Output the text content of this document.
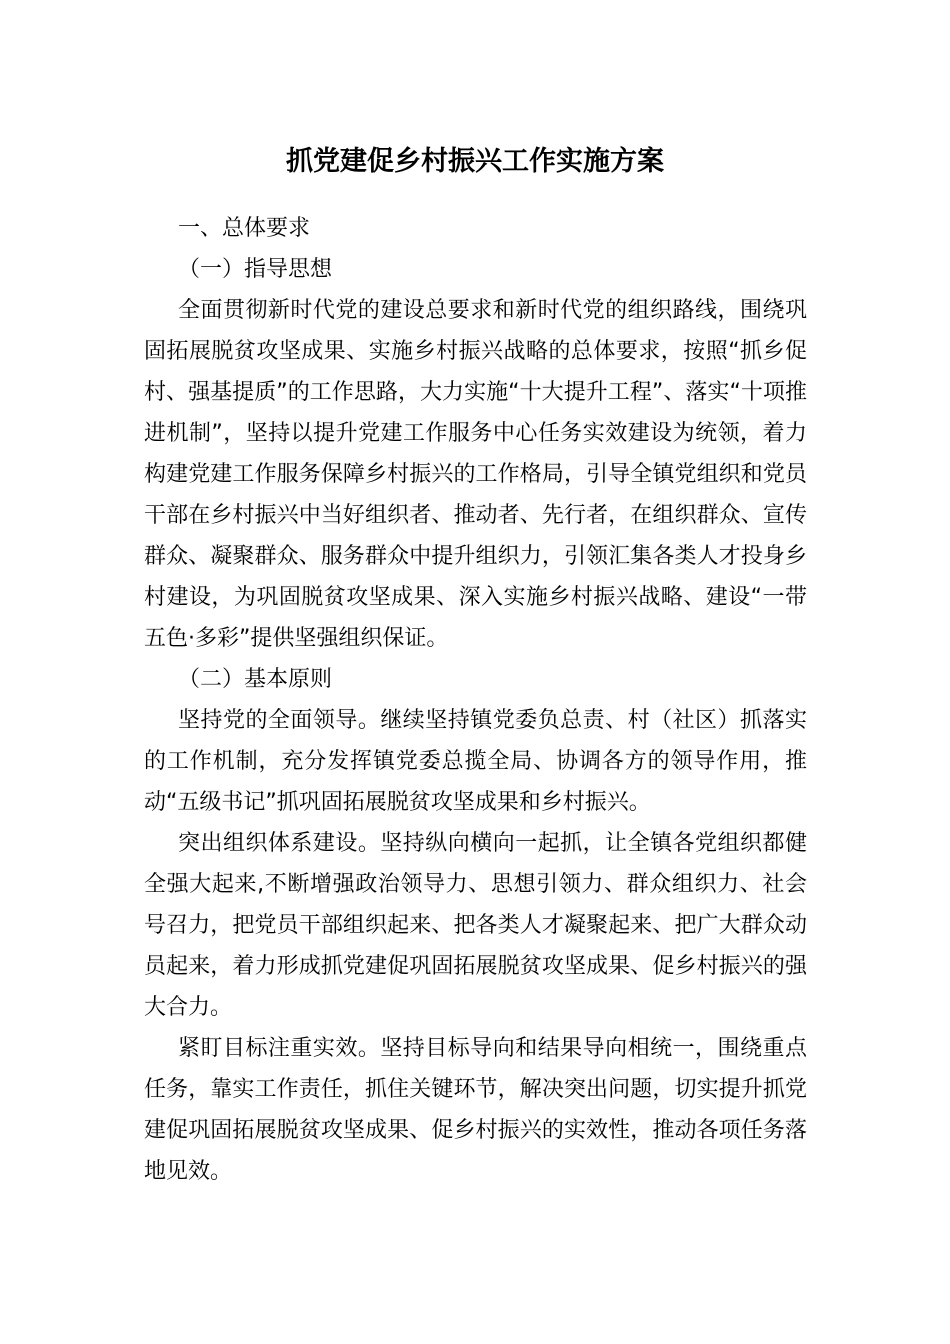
抓党建促乡村振兴工作实施方案

一、总体要求

（一）指导思想

全面贯彻新时代党的建设总要求和新时代党的组织路线，围绕巩固拓展脱贫攻坚成果、实施乡村振兴战略的总体要求，按照“抓乡促村、强基提质”的工作思路，大力实施“十大提升工程”、落实“十项推进机制”，坚持以提升党建工作服务中心任务实效建设为统领，着力构建党建工作服务保障乡村振兴的工作格局，引导全镇党组织和党员干部在乡村振兴中当好组织者、推动者、先行者，在组织群众、宣传群众、凝聚群众、服务群众中提升组织力，引领汇集各类人才投身乡村建设，为巩固脱贫攻坚成果、深入实施乡村振兴战略、建设“一带五色·多彩”提供坚强组织保证。

（二）基本原则

坚持党的全面领导。继续坚持镇党委负总责、村（社区）抓落实的工作机制，充分发挥镇党委总揽全局、协调各方的领导作用，推动“五级书记”抓巩固拓展脱贫攻坚成果和乡村振兴。

突出组织体系建设。坚持纵向横向一起抓，让全镇各党组织都健全强大起来,不断增强政治领导力、思想引领力、群众组织力、社会号召力，把党员干部组织起来、把各类人才凝聚起来、把广大群众动员起来，着力形成抓党建促巩固拓展脱贫攻坚成果、促乡村振兴的强大合力。

紧盯目标注重实效。坚持目标导向和结果导向相统一，围绕重点任务，靠实工作责任，抓住关键环节，解决突出问题，切实提升抓党建促巩固拓展脱贫攻坚成果、促乡村振兴的实效性，推动各项任务落地见效。
